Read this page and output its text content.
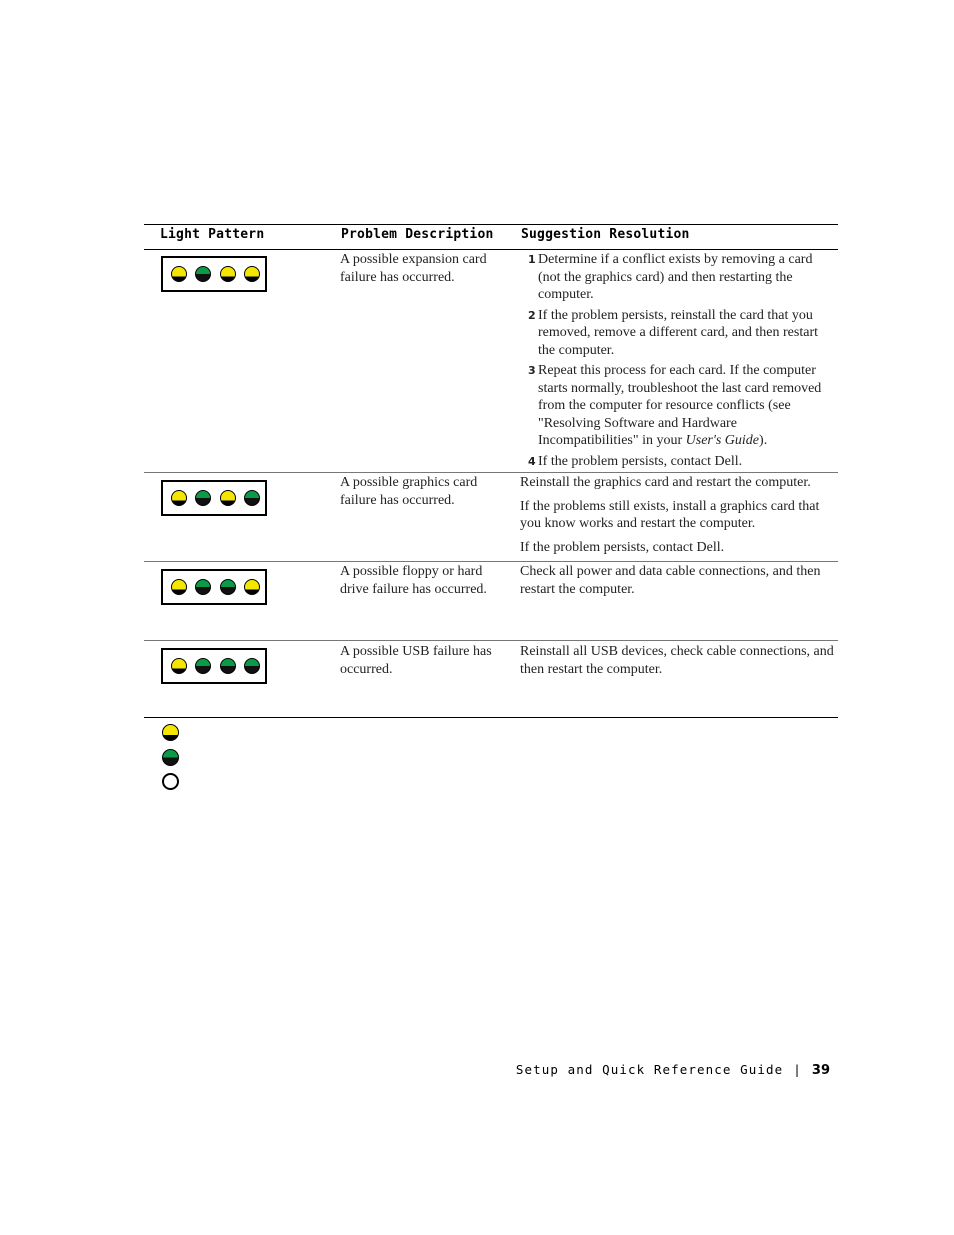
Light Pattern	Problem Description Suggestion Resolution
A possible expansion card failure has occurred.
1 Determine if a conflict exists by removing a card (not the graphics card) and then restarting the computer.
2 If the problem persists, reinstall the card that you removed, remove a different card, and then restart the computer.
3 Repeat this process for each card. If the computer starts normally, troubleshoot the last card removed from the computer for resource conflicts (see "Resolving Software and Hardware Incompatibilities" in your User's Guide).
4 If the problem persists, contact Dell.
A possible graphics card failure has occurred.

Reinstall the graphics card and restart the computer.

If the problems still exists, install a graphics card that you know works and restart the computer.

If the problem persists, contact Dell.

A possible floppy or hard drive failure has occurred.

Check all power and data cable connections, and then restart the computer.

A possible USB failure has occurred.

Reinstall all USB devices, check cable connections, and then restart the computer.

Setup and Quick Reference Guide | 39
